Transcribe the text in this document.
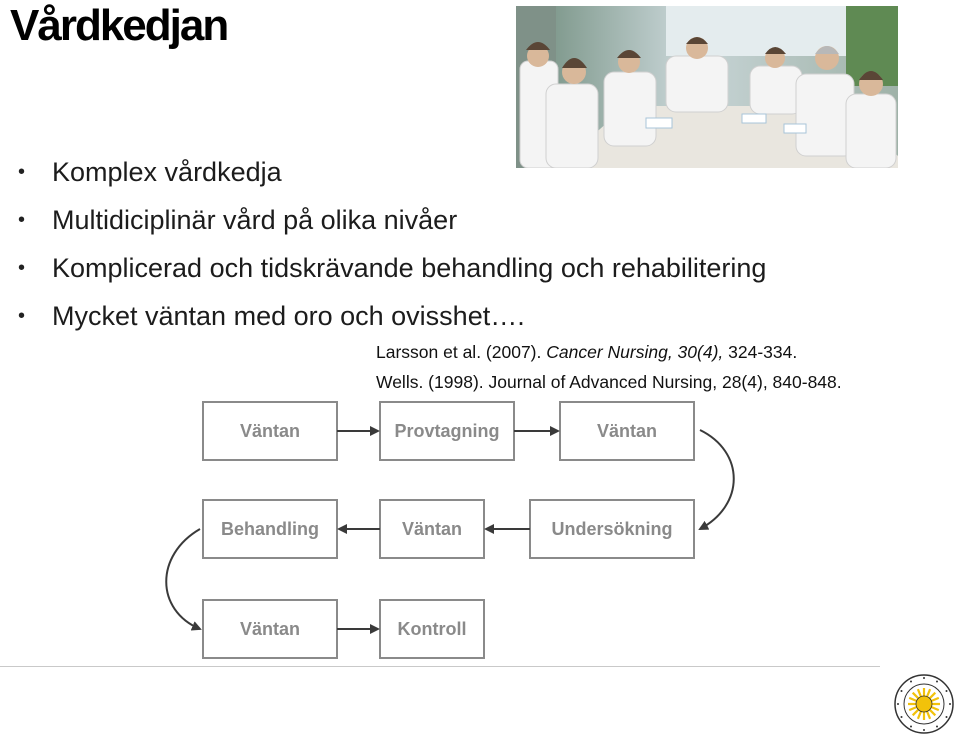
Vårdkedjan
• Komplex vårdkedja
• Multidiciplinär vård på olika nivåer
• Komplicerad och tidskrävande behandling och rehabilitering
• Mycket väntan med oro och ovisshet….
Larsson et al. (2007). Cancer Nursing, 30(4), 324-334.
Wells. (1998). Journal of Advanced Nursing, 28(4), 840-848.
Väntan	Provtagning	Väntan
Undersökning
Väntan
Behandling
Väntan	Kontroll
